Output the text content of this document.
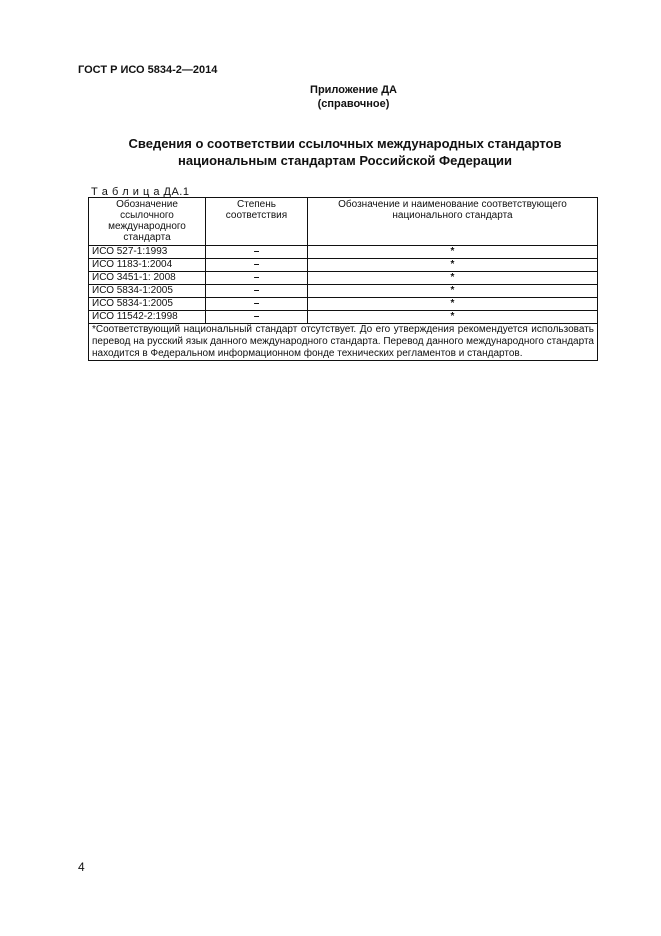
ГОСТ Р ИСО 5834-2—2014
Приложение ДА
(справочное)
Сведения о соответствии ссылочных международных стандартов
национальным стандартам Российской Федерации
Т а б л и ц а ДА.1
Обозначение ссылочного международного стандарта	Степень соответствия	Обозначение и наименование соответствующего национального стандарта
ИСО 527-1:1993	–	*
ИСО 1183-1:2004	–	*
ИСО 3451-1: 2008	–	*
ИСО 5834-1:2005	–	*
ИСО 5834-1:2005	–	*
ИСО 11542-2:1998	–	*
*Соответствующий национальный стандарт отсутствует. До его утверждения рекомендуется использовать перевод на русский язык данного международного стандарта. Перевод данного международного стандарта находится в Федеральном информационном фонде технических регламентов и стандартов.		
4
